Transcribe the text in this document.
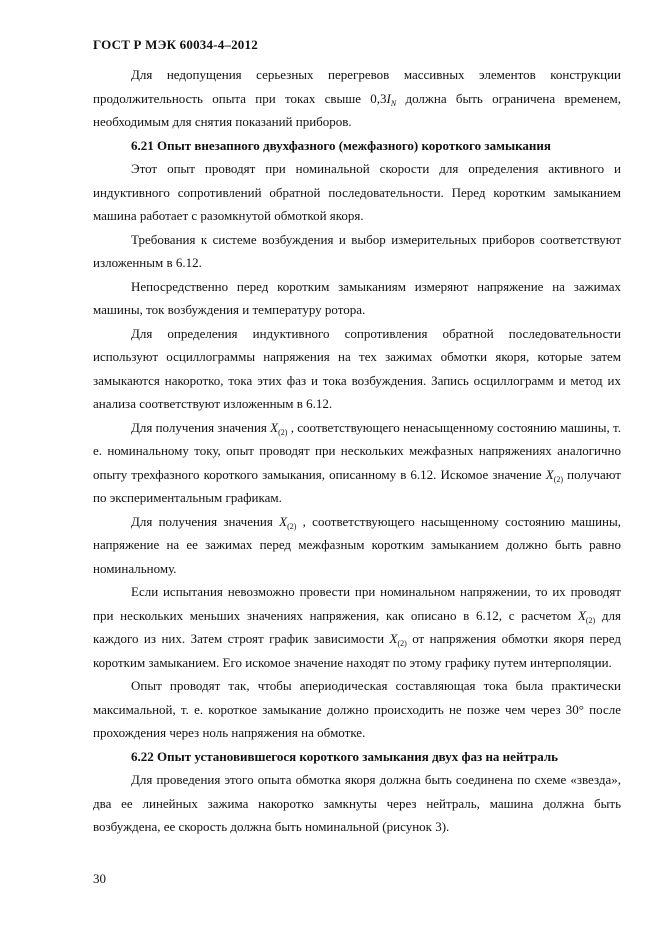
ГОСТ Р МЭК 60034-4–2012

Для недопущения серьезных перегревов массивных элементов конструкции продолжительность опыта при токах свыше $0,3I_N$ должна быть ограничена временем, необходимым для снятия показаний приборов.

6.21 Опыт внезапного двухфазного (межфазного) короткого замыкания

Этот опыт проводят при номинальной скорости для определения активного и индуктивного сопротивлений обратной последовательности. Перед коротким замыканием машина работает с разомкнутой обмоткой якоря.

Требования к системе возбуждения и выбор измерительных приборов соответствуют изложенным в 6.12.

Непосредственно перед коротким замыканиям измеряют напряжение на зажимах машины, ток возбуждения и температуру ротора.

Для определения индуктивного сопротивления обратной последовательности используют осциллограммы напряжения на тех зажимах обмотки якоря, которые затем замыкаются накоротко, тока этих фаз и тока возбуждения. Запись осциллограмм и метод их анализа соответствуют изложенным в 6.12.

Для получения значения $X_{(2)}$ , соответствующего ненасыщенному состоянию машины, т. е. номинальному току, опыт проводят при нескольких межфазных напряжениях аналогично опыту трехфазного короткого замыкания, описанному в 6.12. Искомое значение $X_{(2)}$ получают по экспериментальным графикам.

Для получения значения $X_{(2)}$ , соответствующего насыщенному состоянию машины, напряжение на ее зажимах перед межфазным коротким замыканием должно быть равно номинальному.

Если испытания невозможно провести при номинальном напряжении, то их проводят при нескольких меньших значениях напряжения, как описано в 6.12, с расчетом $X_{(2)}$ для каждого из них. Затем строят график зависимости $X_{(2)}$ от напряжения обмотки якоря перед коротким замыканием. Его искомое значение находят по этому графику путем интерполяции.

Опыт проводят так, чтобы апериодическая составляющая тока была практически максимальной, т. е. короткое замыкание должно происходить не позже чем через 30° после прохождения через ноль напряжения на обмотке.

6.22 Опыт установившегося короткого замыкания двух фаз на нейтраль

Для проведения этого опыта обмотка якоря должна быть соединена по схеме «звезда», два ее линейных зажима накоротко замкнуты через нейтраль, машина должна быть возбуждена, ее скорость должна быть номинальной (рисунок 3).

30
